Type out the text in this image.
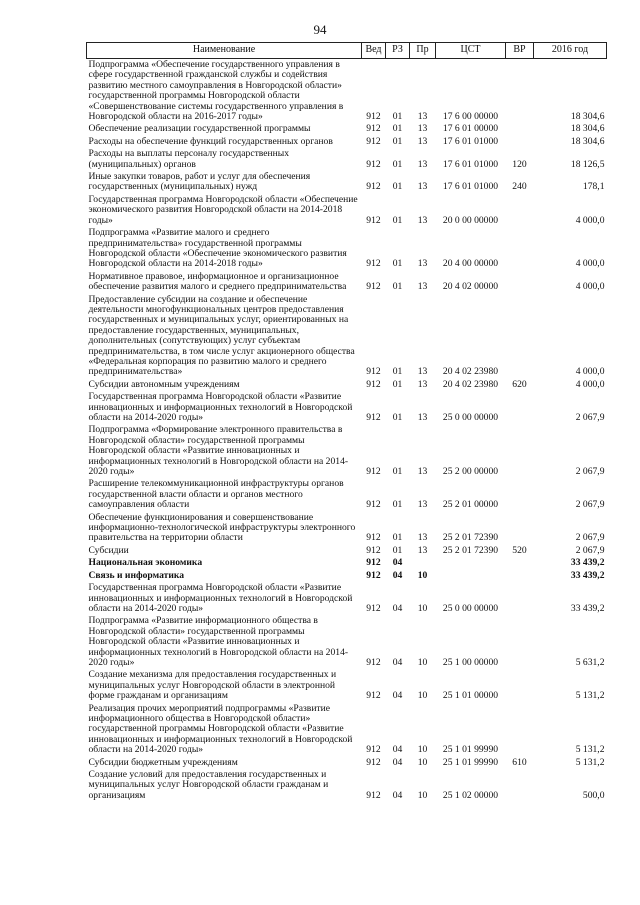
94
Наименование	Вед	РЗ	Пр	ЦСТ	ВР	2016 год

Подпрограмма «Обеспечение государственного управления в сфере государственной гражданской службы и содействия развитию местного самоуправления в Новгородской области» государственной программы Новгородской области «Совершенствование системы государственного управления в Новгородской области на 2016-2017 годы»	912	01	13	17 6 00 00000		18 304,6

Обеспечение реализации государственной программы	912	01	13	17 6 01 00000		18 304,6

Расходы на обеспечение функций государственных органов	912	01	13	17 6 01 01000		18 304,6

Расходы на выплаты персоналу государственных (муниципальных) органов	912	01	13	17 6 01 01000	120	18 126,5

Иные закупки товаров, работ и услуг для обеспечения государственных (муниципальных) нужд	912	01	13	17 6 01 01000	240	178,1

Государственная программа Новгородской области «Обеспечение экономического развития Новгородской области на 2014-2018 годы»	912	01	13	20 0 00 00000		4 000,0

Подпрограмма «Развитие малого и среднего предпринимательства» государственной программы Новгородской области «Обеспечение экономического развития Новгородской области на 2014-2018 годы»	912	01	13	20 4 00 00000		4 000,0

Нормативное правовое, информационное и организационное обеспечение развития малого и среднего предпринимательства	912	01	13	20 4 02 00000		4 000,0

Предоставление субсидии на создание и обеспечение деятельности многофункциональных центров предоставления государственных и муниципальных услуг, ориентированных на предоставление государственных, муниципальных, дополнительных (сопутствующих) услуг субъектам предпринимательства, в том числе услуг акционерного общества «Федеральная корпорация по развитию малого и среднего предпринимательства»	912	01	13	20 4 02 23980		4 000,0

Субсидии автономным учреждениям	912	01	13	20 4 02 23980	620	4 000,0

Государственная программа Новгородской области «Развитие инновационных и информационных технологий в Новгородской области на 2014-2020 годы»	912	01	13	25 0 00 00000		2 067,9

Подпрограмма «Формирование электронного правительства в Новгородской области» государственной программы Новгородской области «Развитие инновационных и информационных технологий в Новгородской области на 2014-2020 годы»	912	01	13	25 2 00 00000		2 067,9

Расширение телекоммуникационной инфраструктуры органов государственной власти области и органов местного самоуправления области	912	01	13	25 2 01 00000		2 067,9

Обеспечение функционирования и совершенствование информационно-технологической инфраструктуры электронного правительства на территории области	912	01	13	25 2 01 72390		2 067,9

Субсидии	912	01	13	25 2 01 72390	520	2 067,9

Национальная экономика	912	04				33 439,2

Связь и информатика	912	04	10			33 439,2

Государственная программа Новгородской области «Развитие инновационных и информационных технологий в Новгородской области на 2014-2020 годы»	912	04	10	25 0 00 00000		33 439,2

Подпрограмма «Развитие информационного общества в Новгородской области» государственной программы Новгородской области «Развитие инновационных и информационных технологий в Новгородской области на 2014-2020 годы»	912	04	10	25 1 00 00000		5 631,2

Создание механизма для предоставления государственных и муниципальных услуг Новгородской области в электронной форме гражданам и организациям	912	04	10	25 1 01 00000		5 131,2

Реализация прочих мероприятий подпрограммы «Развитие информационного общества в Новгородской области» государственной программы Новгородской области «Развитие инновационных и информационных технологий в Новгородской области на 2014-2020 годы»	912	04	10	25 1 01 99990		5 131,2

Субсидии бюджетным учреждениям	912	04	10	25 1 01 99990	610	5 131,2

Создание условий для предоставления государственных и муниципальных услуг Новгородской области гражданам и организациям	912	04	10	25 1 02 00000		500,0
